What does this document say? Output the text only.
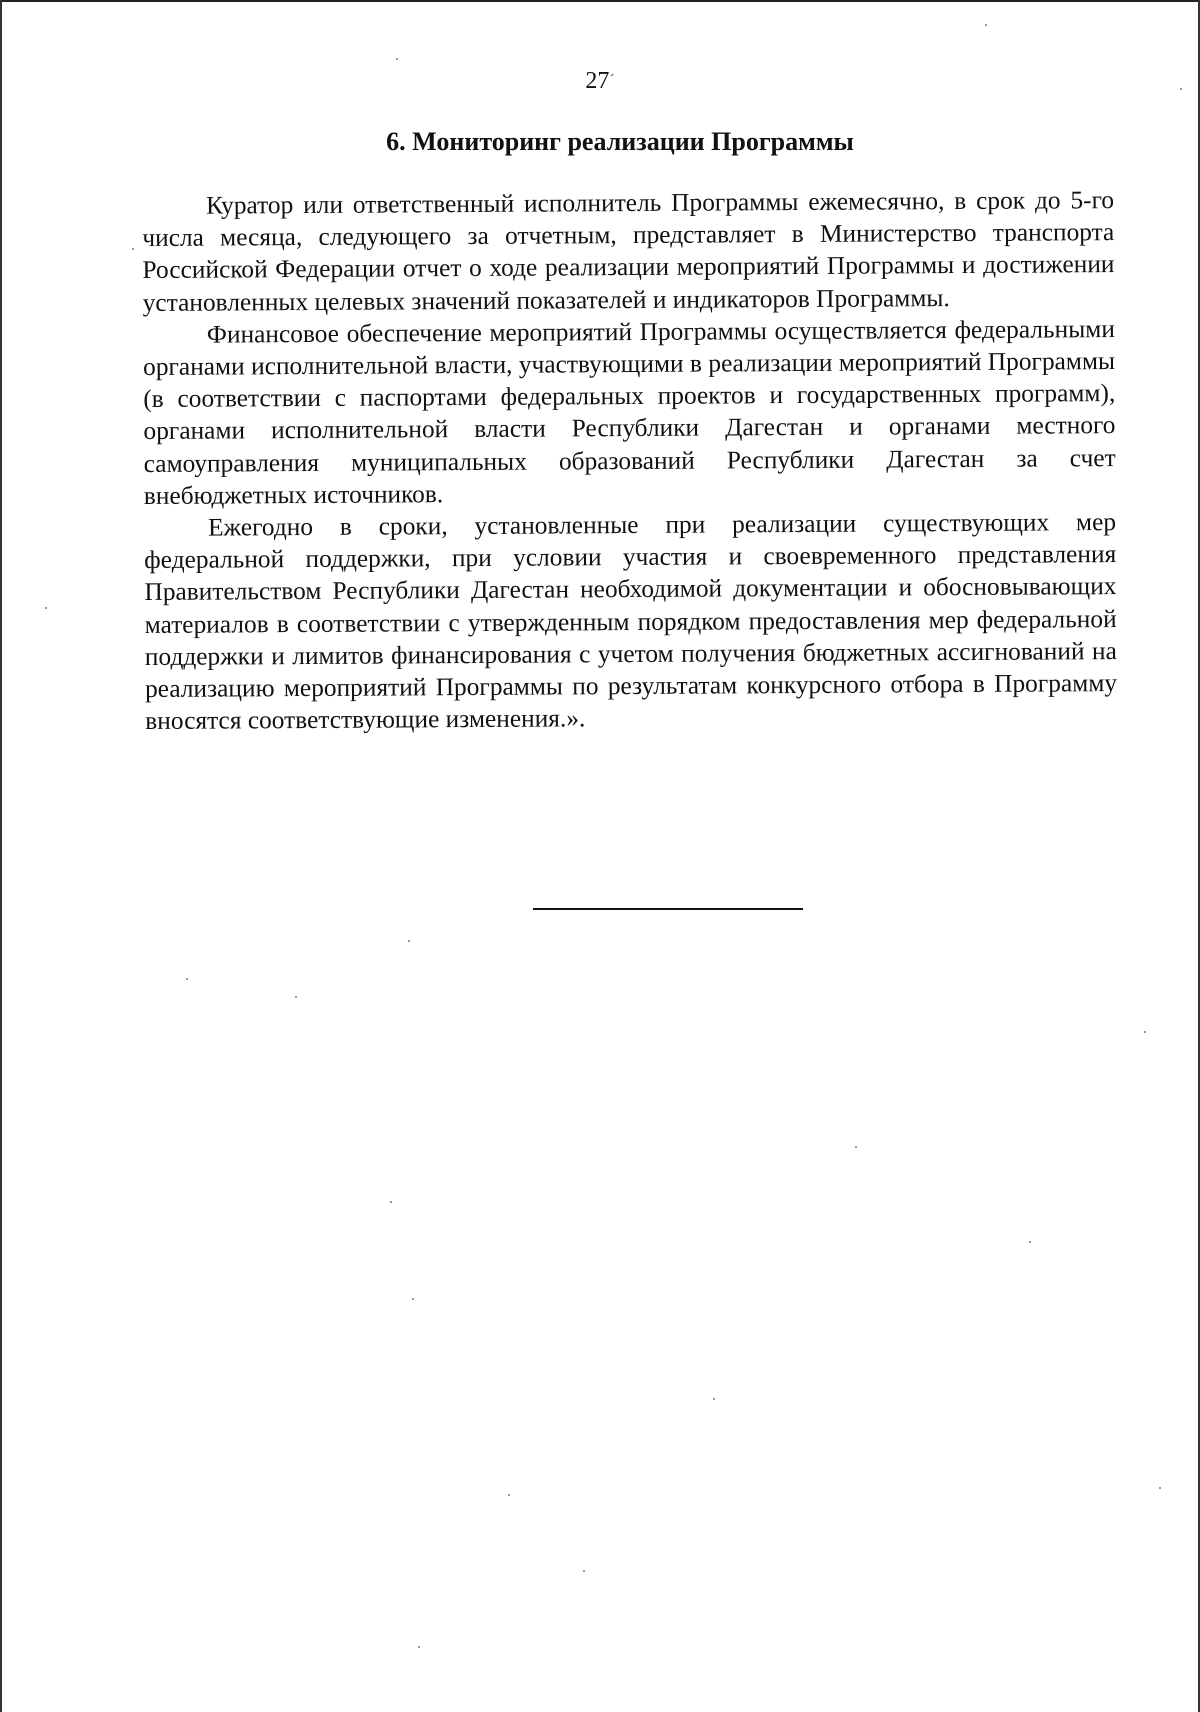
27´
6. Мониторинг реализации Программы

Куратор или ответственный исполнитель Программы ежемесячно, в срок до 5-го числа месяца, следующего за отчетным, представляет в Министерство транспорта Российской Федерации отчет о ходе реализации мероприятий Программы и достижении установленных целевых значений показателей и индикаторов Программы.

Финансовое обеспечение мероприятий Программы осуществляется федеральными органами исполнительной власти, участвующими в реализации мероприятий Программы (в соответствии с паспортами федеральных проектов и государственных программ), органами исполнительной власти Республики Дагестан и органами местного самоуправления муниципальных образований Республики Дагестан за счет внебюджетных источников.

Ежегодно в сроки, установленные при реализации существующих мер федеральной поддержки, при условии участия и своевременного представления Правительством Республики Дагестан необходимой документации и обосновывающих материалов в соответствии с утвержденным порядком предоставления мер федеральной поддержки и лимитов финансирования с учетом получения бюджетных ассигнований на реализацию мероприятий Программы по результатам конкурсного отбора в Программу вносятся соответствующие изменения.».
